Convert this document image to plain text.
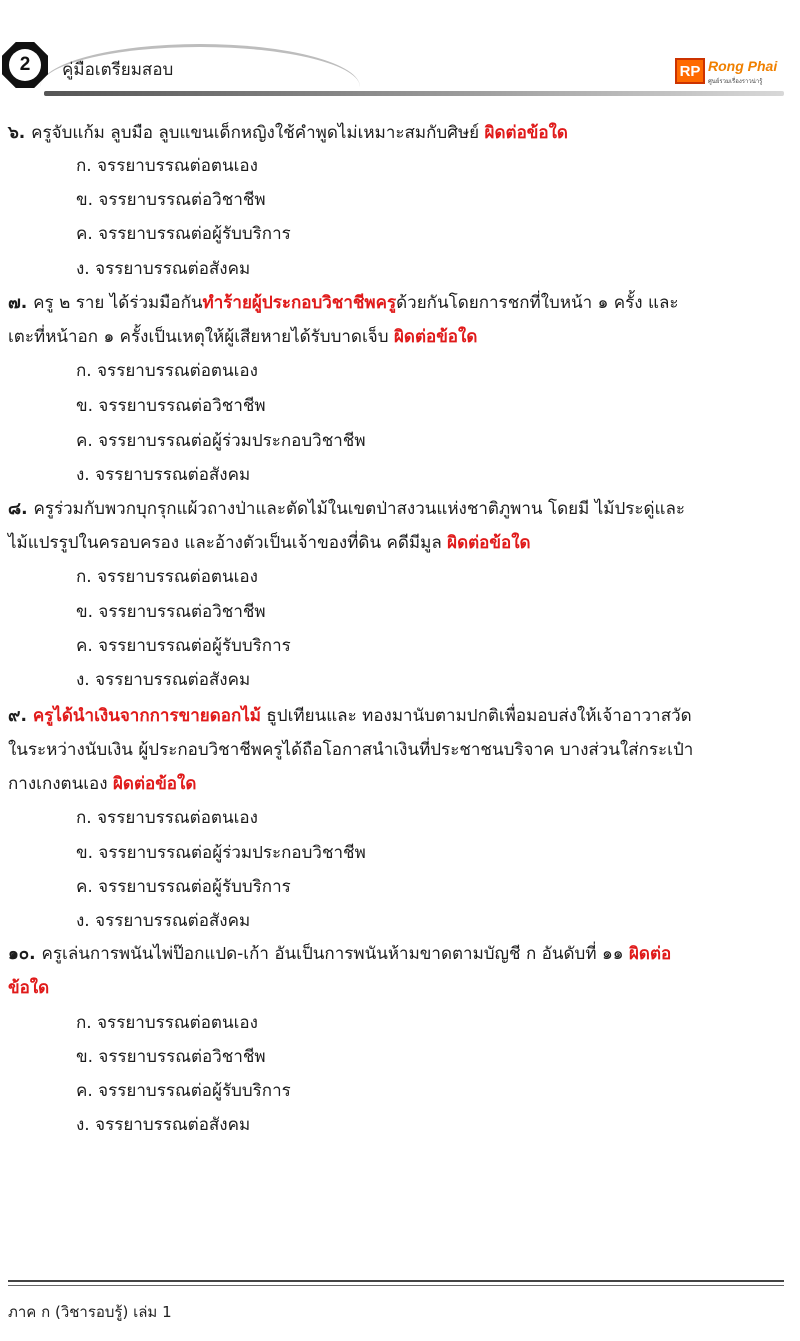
2	คู่มือเตรียมสอบ	RP Rong Phai
ศูนย์รวมเรื่องราวน่ารู้
๖. ครูจับแก้ม ลูบมือ ลูบแขนเด็กหญิงใช้คำพูดไม่เหมาะสมกับศิษย์ ผิดต่อข้อใด
ก. จรรยาบรรณต่อตนเอง
ข. จรรยาบรรณต่อวิชาชีพ
ค. จรรยาบรรณต่อผู้รับบริการ
ง. จรรยาบรรณต่อสังคม
๗. ครู ๒ ราย ได้ร่วมมือกันทำร้ายผู้ประกอบวิชาชีพครูด้วยกันโดยการชกที่ใบหน้า ๑ ครั้ง และ
เตะที่หน้าอก ๑ ครั้งเป็นเหตุให้ผู้เสียหายได้รับบาดเจ็บ ผิดต่อข้อใด
ก. จรรยาบรรณต่อตนเอง
ข. จรรยาบรรณต่อวิชาชีพ
ค. จรรยาบรรณต่อผู้ร่วมประกอบวิชาชีพ
ง. จรรยาบรรณต่อสังคม
๘. ครูร่วมกับพวกบุกรุกแผ้วถางป่าและตัดไม้ในเขตป่าสงวนแห่งชาติภูพาน โดยมี ไม้ประดู่และ
ไม้แปรรูปในครอบครอง และอ้างตัวเป็นเจ้าของที่ดิน คดีมีมูล ผิดต่อข้อใด
ก. จรรยาบรรณต่อตนเอง
ข. จรรยาบรรณต่อวิชาชีพ
ค. จรรยาบรรณต่อผู้รับบริการ
ง. จรรยาบรรณต่อสังคม
๙. ครูได้นำเงินจากการขายดอกไม้ ธูปเทียนและ ทองมานับตามปกติเพื่อมอบส่งให้เจ้าอาวาสวัด
ในระหว่างนับเงิน ผู้ประกอบวิชาชีพครูได้ถือโอกาสนำเงินที่ประชาชนบริจาค บางส่วนใส่กระเป๋า
กางเกงตนเอง ผิดต่อข้อใด
ก. จรรยาบรรณต่อตนเอง
ข. จรรยาบรรณต่อผู้ร่วมประกอบวิชาชีพ
ค. จรรยาบรรณต่อผู้รับบริการ
ง. จรรยาบรรณต่อสังคม
๑๐. ครูเล่นการพนันไพ่ป๊อกแปด-เก้า อันเป็นการพนันห้ามขาดตามบัญชี ก อันดับที่ ๑๑ ผิดต่อ
ข้อใด
ก. จรรยาบรรณต่อตนเอง
ข. จรรยาบรรณต่อวิชาชีพ
ค. จรรยาบรรณต่อผู้รับบริการ
ง. จรรยาบรรณต่อสังคม
ภาค ก (วิชารอบรู้) เล่ม 1
